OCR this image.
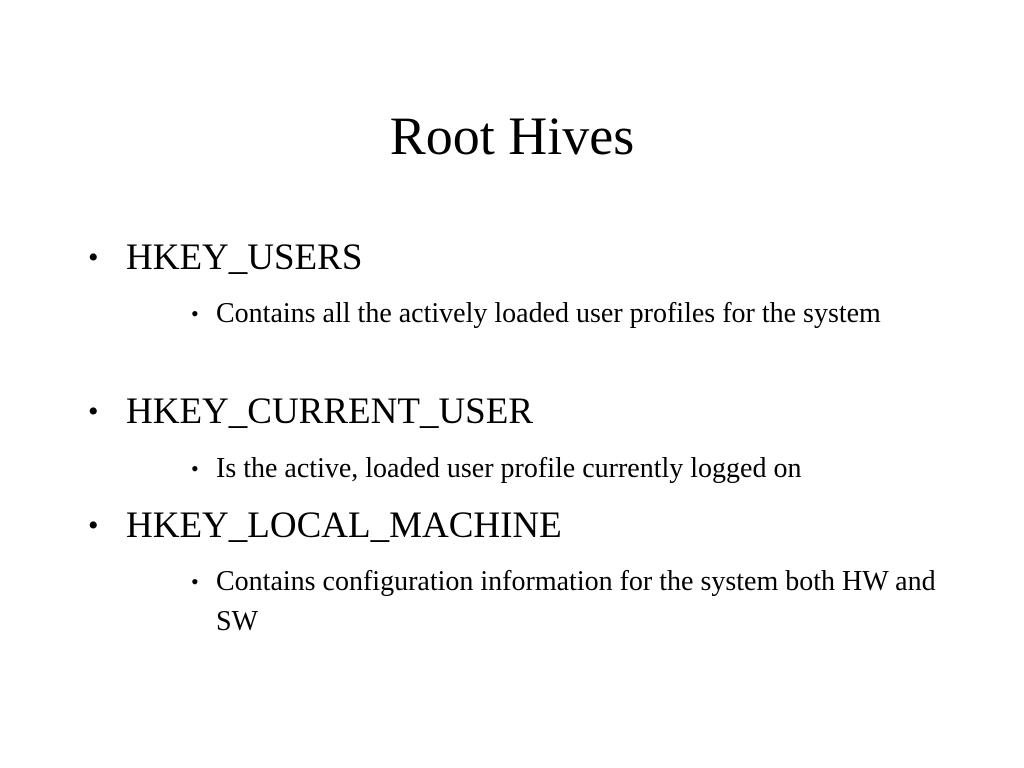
Root Hives
• HKEY_USERS
• Contains all the actively loaded user profiles for the system
• HKEY_CURRENT_USER
• Is the active, loaded user profile currently logged on
• HKEY_LOCAL_MACHINE
• Contains configuration information for the system both HW and SW
